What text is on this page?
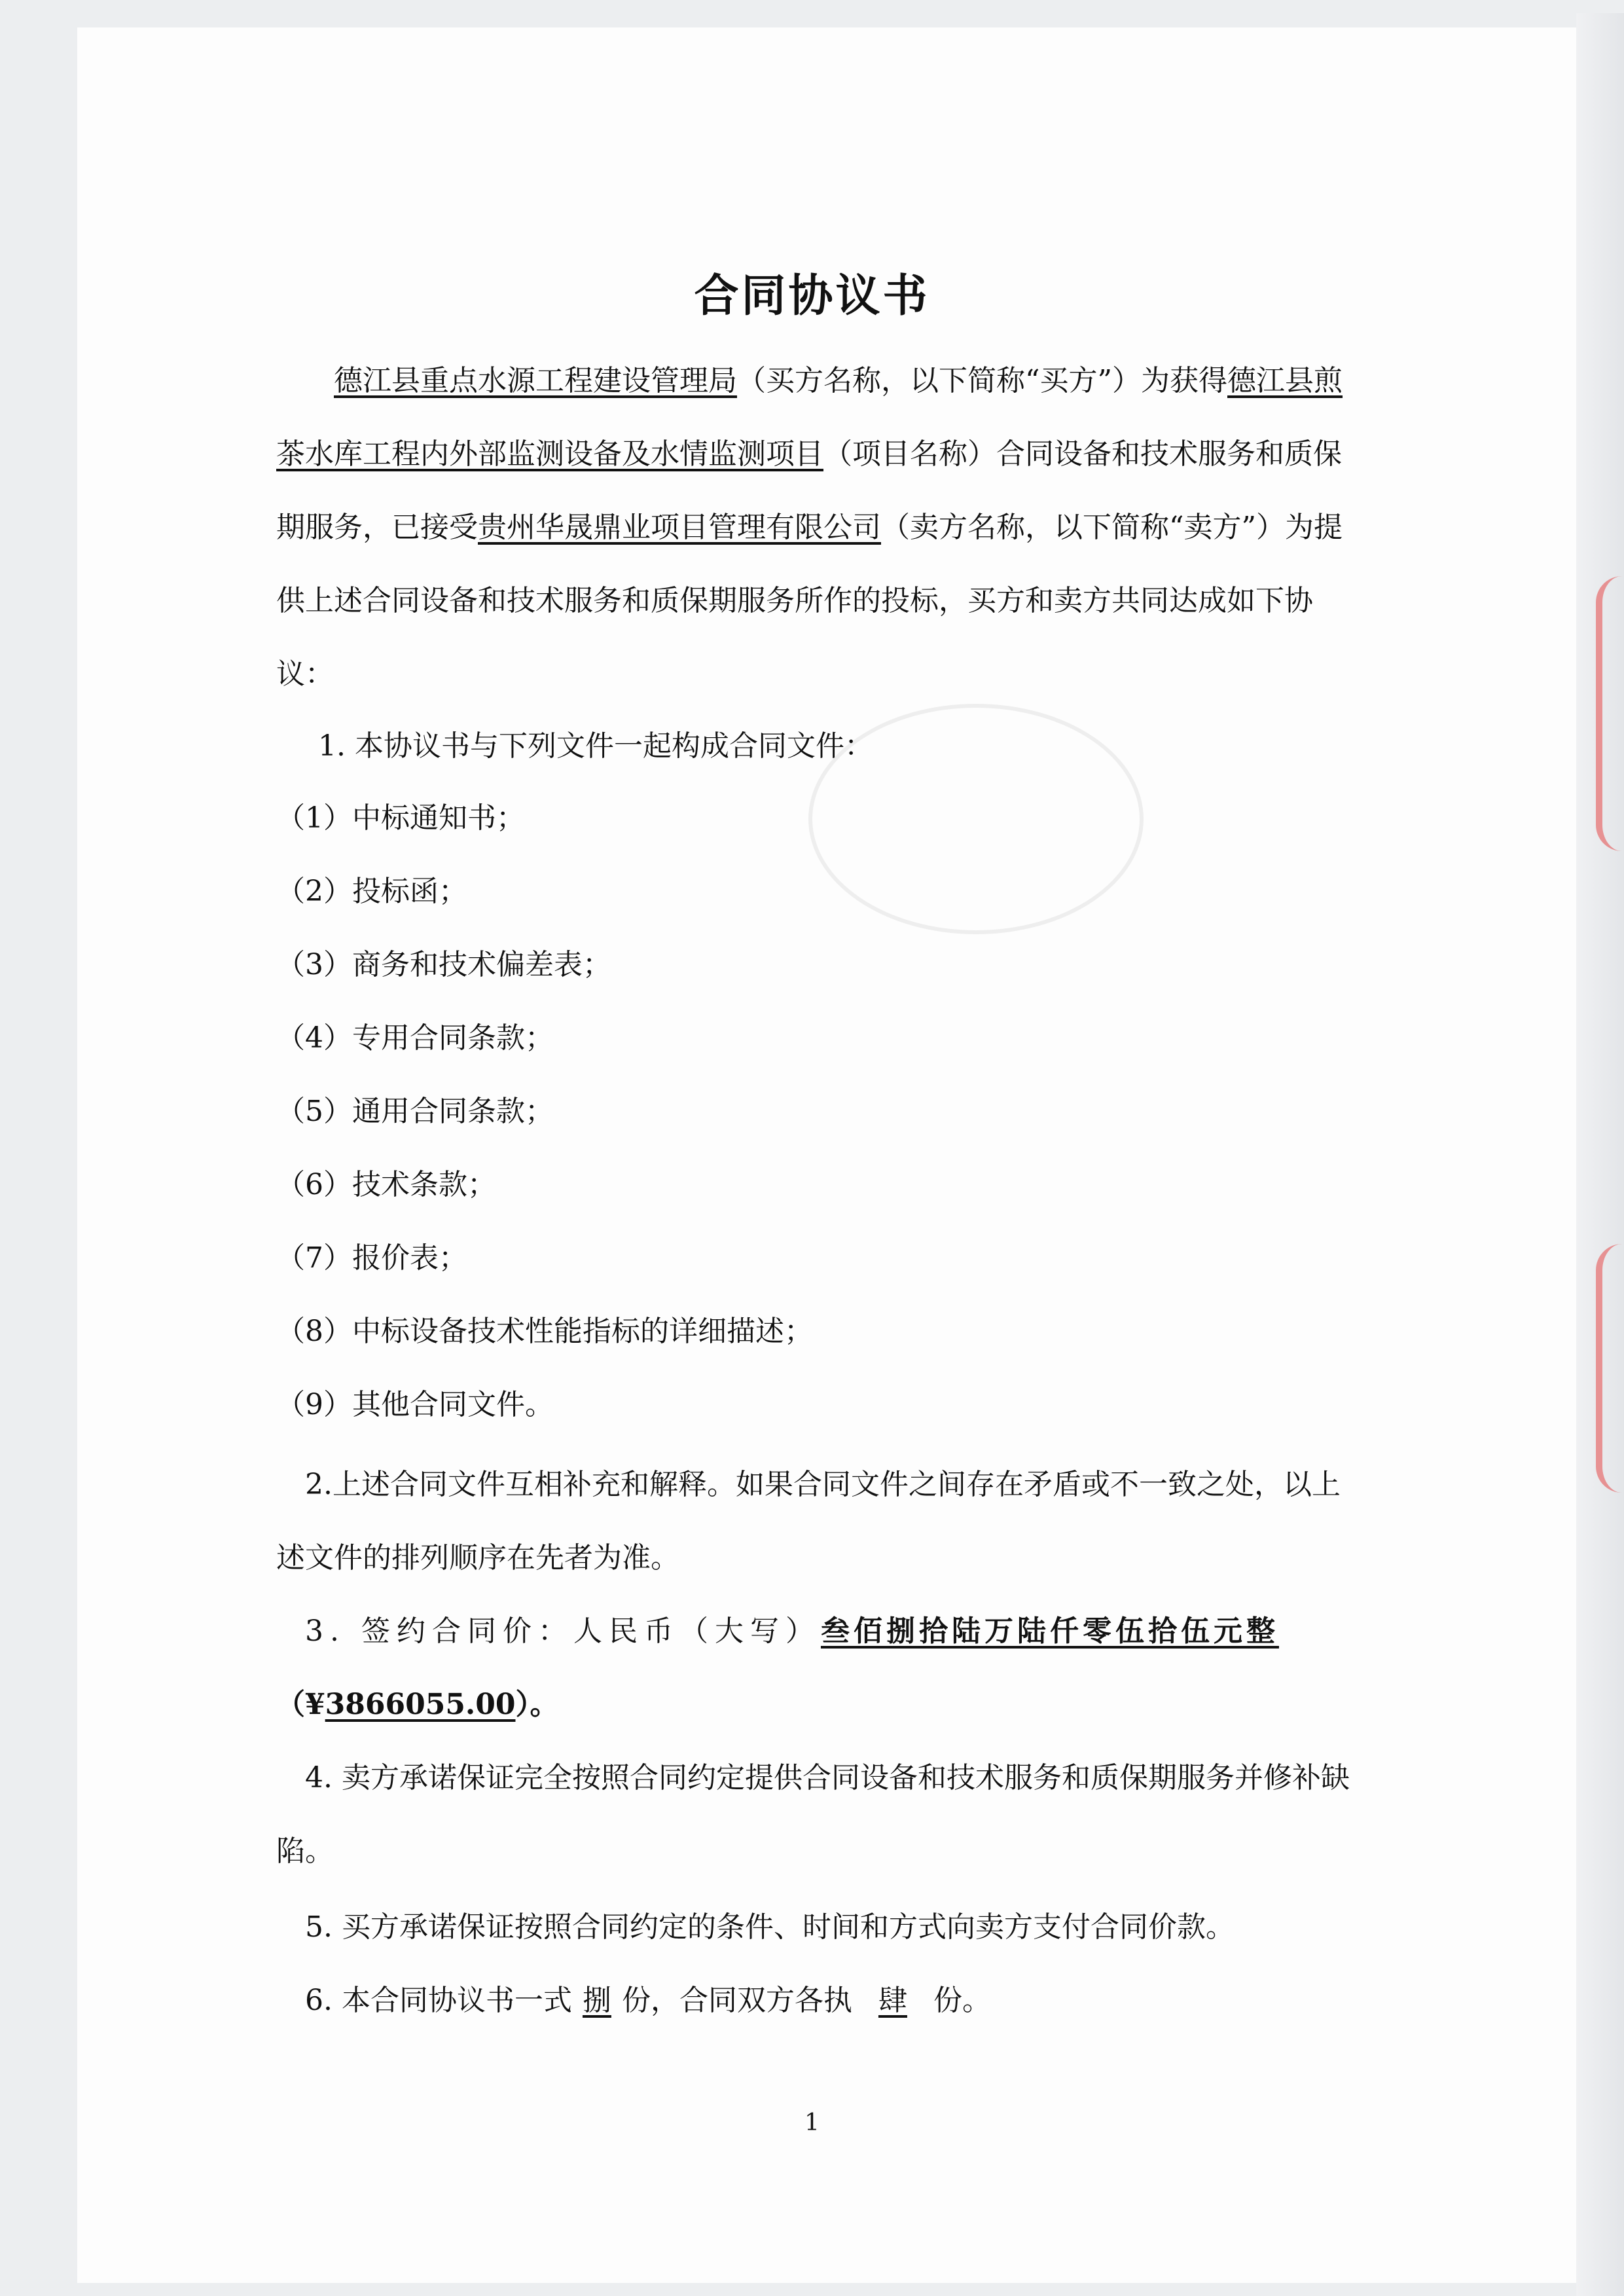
合同协议书
德江县重点水源工程建设管理局（买方名称，以下简称“买方”）为获得德江县煎茶水库工程内外部监测设备及水情监测项目（项目名称）合同设备和技术服务和质保期服务，已接受贵州华晟鼎业项目管理有限公司（卖方名称，以下简称“卖方”）为提供上述合同设备和技术服务和质保期服务所作的投标，买方和卖方共同达成如下协议：
1. 本协议书与下列文件一起构成合同文件：
（1）中标通知书；
（2）投标函；
（3）商务和技术偏差表；
（4）专用合同条款；
（5）通用合同条款；
（6）技术条款；
（7）报价表；
（8）中标设备技术性能指标的详细描述；
（9）其他合同文件。
2.上述合同文件互相补充和解释。如果合同文件之间存在矛盾或不一致之处，以上述文件的排列顺序在先者为准。
3. 签约合同价：人民币（大写）叁佰捌拾陆万陆仟零伍拾伍元整
（¥3866055.00）。
4. 卖方承诺保证完全按照合同约定提供合同设备和技术服务和质保期服务并修补缺陷。
5. 买方承诺保证按照合同约定的条件、时间和方式向卖方支付合同价款。
6. 本合同协议书一式 捌 份，合同双方各执 肆 份。
1
